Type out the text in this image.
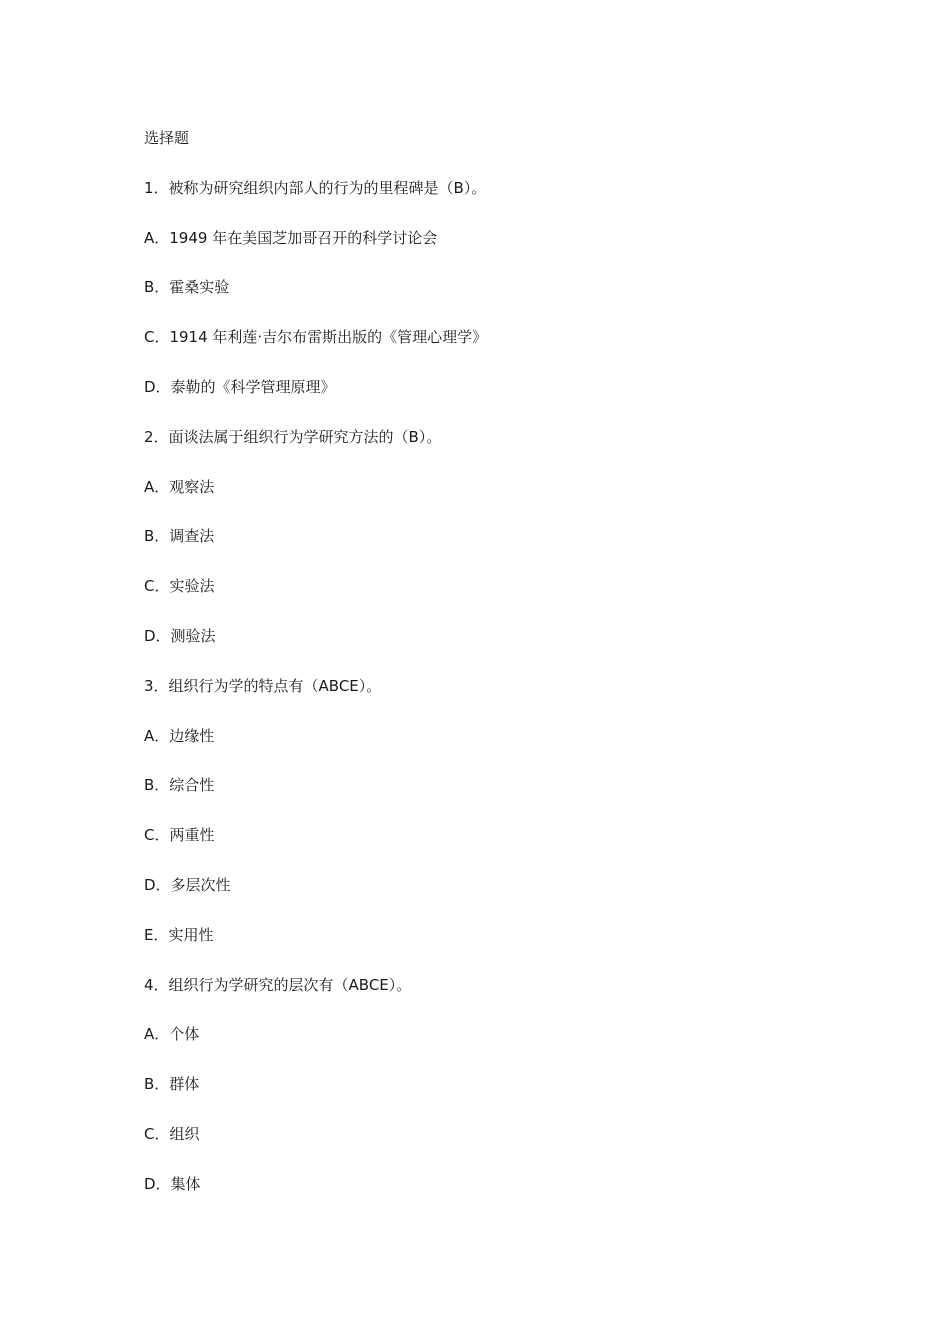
选择题
1．被称为研究组织内部人的行为的里程碑是（B）。
A．1949 年在美国芝加哥召开的科学讨论会
B．霍桑实验
C．1914 年利莲·吉尔布雷斯出版的《管理心理学》
D．泰勒的《科学管理原理》
2．面谈法属于组织行为学研究方法的（B）。
A．观察法
B．调查法
C．实验法
D．测验法
3．组织行为学的特点有（ABCE）。
A．边缘性
B．综合性
C．两重性
D．多层次性
E．实用性
4．组织行为学研究的层次有（ABCE）。
A．个体
B．群体
C．组织
D．集体
